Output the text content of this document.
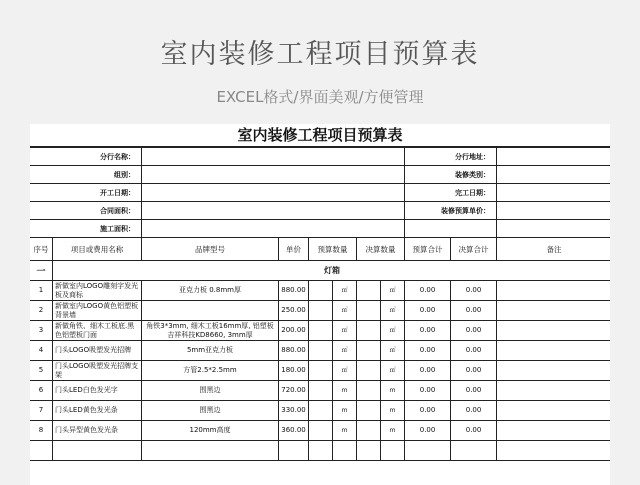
室内装修工程项目预算表
EXCEL格式/界面美观/方便管理
室内装修工程项目预算表
分行名称：								分行地址：		
组别：								装修类别：		
开工日期：								完工日期：		
合同面积：								装修预算单价：		
施工面积：										
序号	项目或费用名称	品牌型号	单价	预算数量		决算数量		预算合计	决算合计	备注
一	灯箱									
1	新做室内LOGO雕刻字发光板及商标	亚克力板 0.8mm厚	880.00		㎡		㎡	0.00	0.00	
2	新做室内LOGO黄色铝塑板背景墙		250.00		㎡		㎡	0.00	0.00	
3	新做角铁、细木工板底.黑色铝塑板门面	角铁3*3mm, 细木工板16mm厚, 铝塑板吉祥科技KD8660, 3mm厚	200.00		㎡		㎡	0.00	0.00	
4	门头LOGO吸塑发光招牌	5mm亚克力板	880.00		㎡		㎡	0.00	0.00	
5	门头LOGO吸塑发光招牌支架	方管2.5*2.5mm	180.00		㎡		㎡	0.00	0.00	
6	门头LED白色发光字	围黑边	720.00		m		m	0.00	0.00	
7	门头LED黄色发光条	围黑边	330.00		m		m	0.00	0.00	
8	门头异型黄色发光条	120mm高度	360.00		m		m	0.00	0.00	
